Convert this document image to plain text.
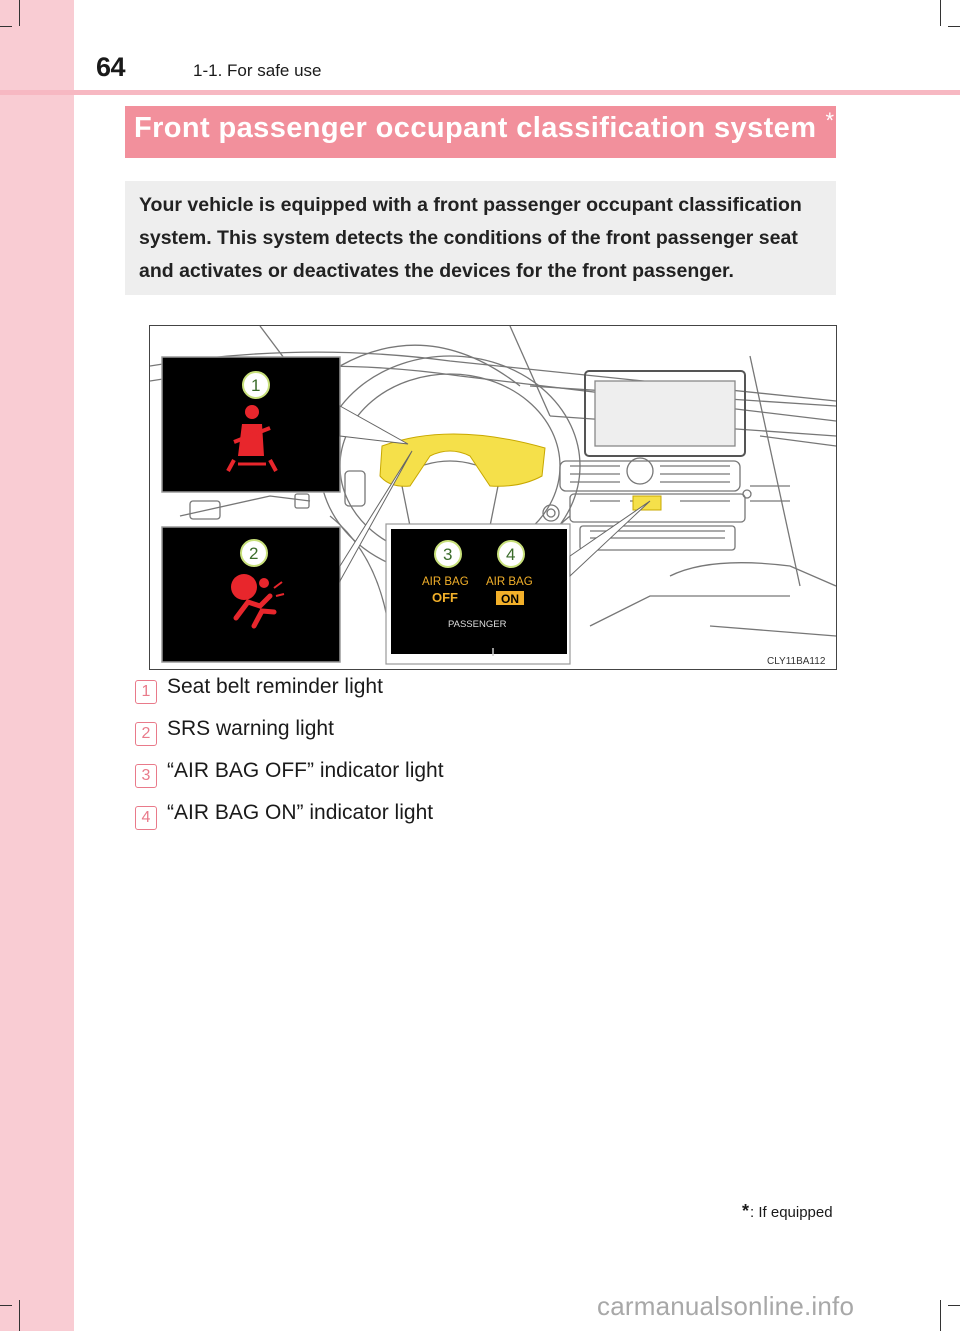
64	1-1. For safe use
Front passenger occupant classification system *
Your vehicle is equipped with a front passenger occupant classification system. This system detects the conditions of the front passenger seat and activates or deactivates the devices for the front passenger.
1
2	3	4
AIR BAG
OFF
AIR BAG
ON
PASSENGER
CLY11BA112
1 Seat belt reminder light
2 SRS warning light
3 “AIR BAG OFF” indicator light
4 “AIR BAG ON” indicator light
*: If equipped
carmanualsonline.info
